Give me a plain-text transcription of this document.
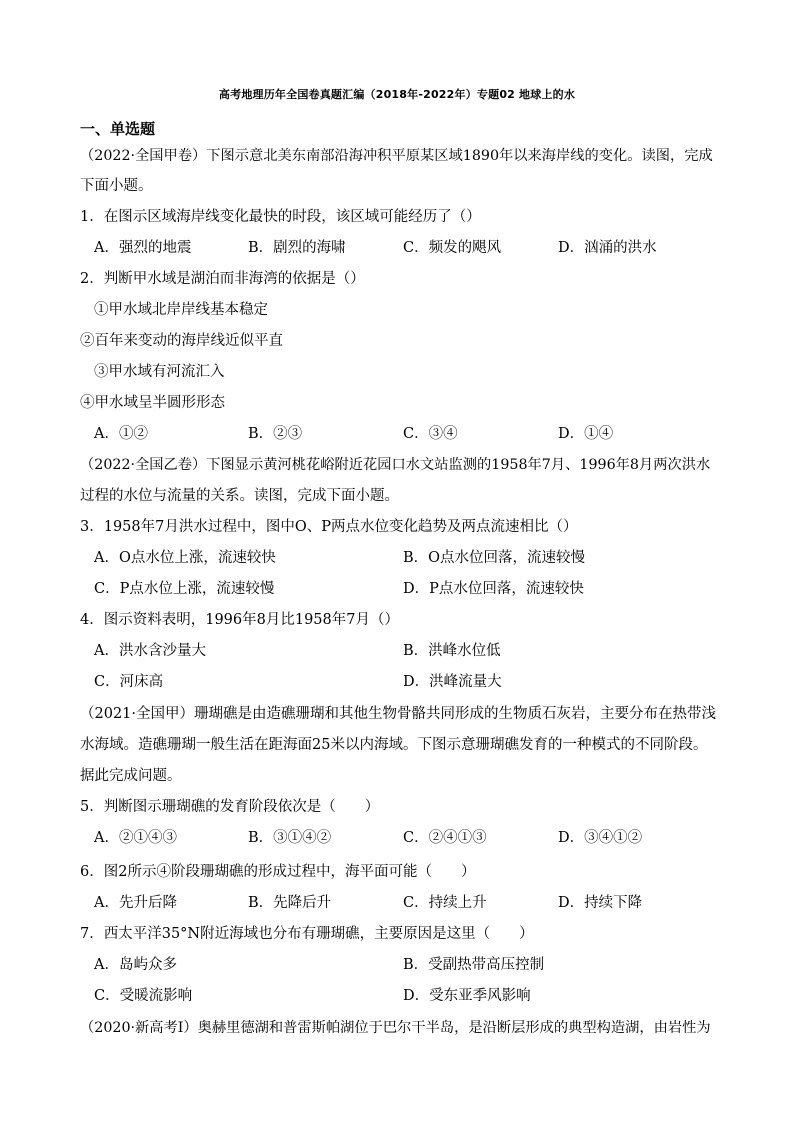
高考地理历年全国卷真题汇编（2018年-2022年）专题02 地球上的水
一、单选题
（2022·全国甲卷）下图示意北美东南部沿海冲积平原某区域1890年以来海岸线的变化。读图，完成
下面小题。
1．在图示区域海岸线变化最快的时段，该区域可能经历了（）
A．强烈的地震	B．剧烈的海啸	C．频发的飓风	D．汹涌的洪水
2．判断甲水域是湖泊而非海湾的依据是（）
①甲水域北岸岸线基本稳定
②百年来变动的海岸线近似平直
③甲水域有河流汇入
④甲水域呈半圆形形态
A．①②	B．②③	C．③④	D．①④
（2022·全国乙卷）下图显示黄河桃花峪附近花园口水文站监测的1958年7月、1996年8月两次洪水
过程的水位与流量的关系。读图，完成下面小题。
3．1958年7月洪水过程中，图中O、P两点水位变化趋势及两点流速相比（）
A．O点水位上涨，流速较快	B．O点水位回落，流速较慢
C．P点水位上涨，流速较慢	D．P点水位回落，流速较快
4．图示资料表明，1996年8月比1958年7月（）
A．洪水含沙量大	B．洪峰水位低
C．河床高	D．洪峰流量大
（2021·全国甲）珊瑚礁是由造礁珊瑚和其他生物骨骼共同形成的生物质石灰岩，主要分布在热带浅
水海域。造礁珊瑚一般生活在距海面25米以内海域。下图示意珊瑚礁发育的一种模式的不同阶段。
据此完成问题。
5．判断图示珊瑚礁的发育阶段依次是（　　）
A．②①④③	B．③①④②	C．②④①③	D．③④①②
6．图2所示④阶段珊瑚礁的形成过程中，海平面可能（　　）
A．先升后降	B．先降后升	C．持续上升	D．持续下降
7．西太平洋35°N附近海域也分布有珊瑚礁，主要原因是这里（　　）
A．岛屿众多	B．受副热带高压控制
C．受暖流影响	D．受东亚季风影响
（2020·新高考Ⅰ）奥赫里德湖和普雷斯帕湖位于巴尔干半岛，是沿断层形成的典型构造湖，由岩性为
